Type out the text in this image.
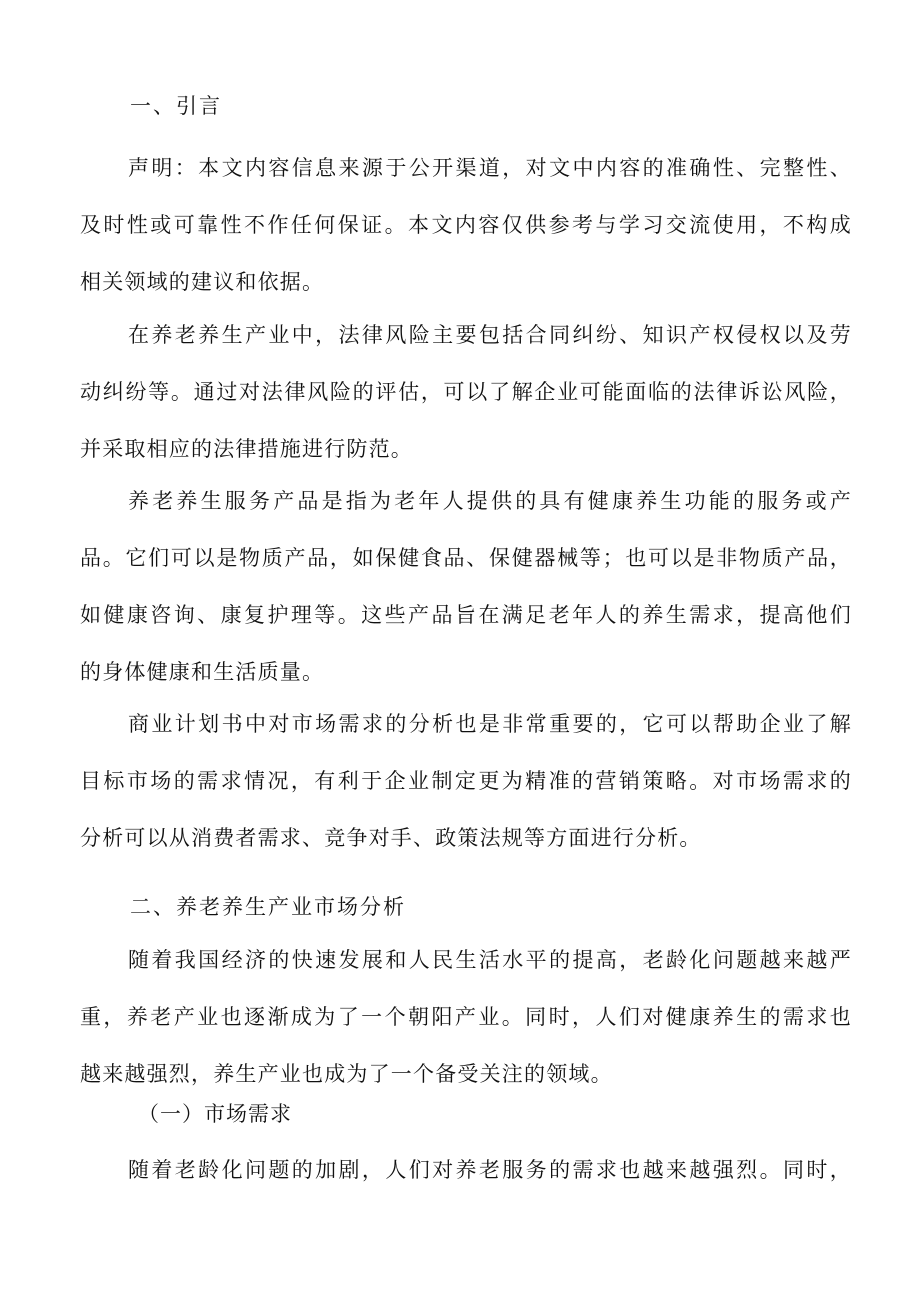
一、引言
声明：本文内容信息来源于公开渠道，对文中内容的准确性、完整性、
及时性或可靠性不作任何保证。本文内容仅供参考与学习交流使用，不构成
相关领域的建议和依据。
在养老养生产业中，法律风险主要包括合同纠纷、知识产权侵权以及劳
动纠纷等。通过对法律风险的评估，可以了解企业可能面临的法律诉讼风险，
并采取相应的法律措施进行防范。
养老养生服务产品是指为老年人提供的具有健康养生功能的服务或产
品。它们可以是物质产品，如保健食品、保健器械等；也可以是非物质产品，
如健康咨询、康复护理等。这些产品旨在满足老年人的养生需求，提高他们
的身体健康和生活质量。
商业计划书中对市场需求的分析也是非常重要的，它可以帮助企业了解
目标市场的需求情况，有利于企业制定更为精准的营销策略。对市场需求的
分析可以从消费者需求、竞争对手、政策法规等方面进行分析。
二、养老养生产业市场分析
随着我国经济的快速发展和人民生活水平的提高，老龄化问题越来越严
重，养老产业也逐渐成为了一个朝阳产业。同时，人们对健康养生的需求也
越来越强烈，养生产业也成为了一个备受关注的领域。
（一）市场需求
随着老龄化问题的加剧，人们对养老服务的需求也越来越强烈。同时，
